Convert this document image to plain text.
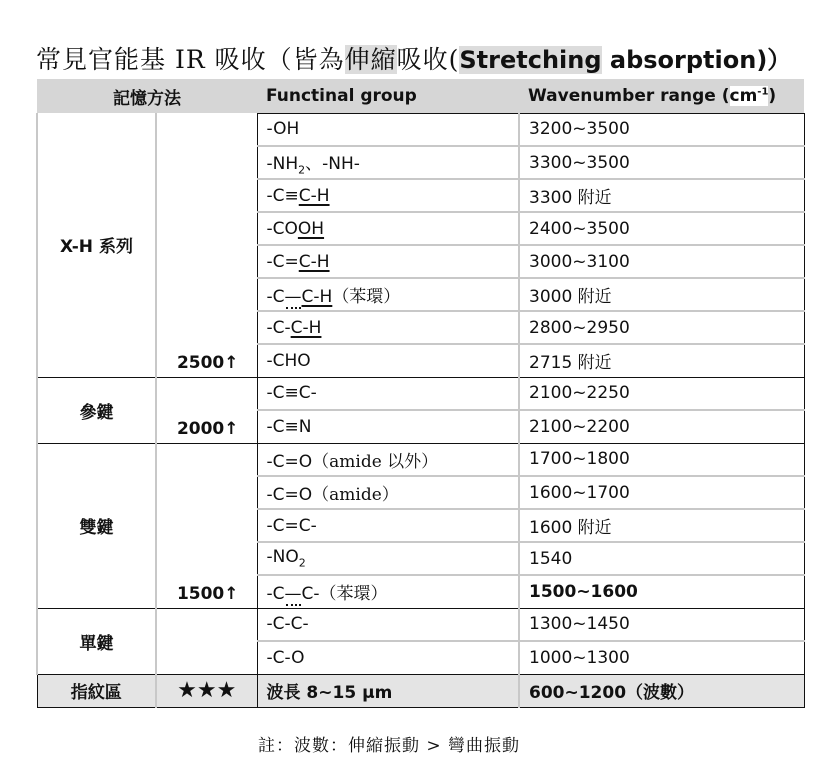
常見官能基 IR 吸收（皆為伸縮吸收(Stretching absorption)）
記憶方法		Functinal group	Wavenumber range $(cm^{-1})$
X-H 系列	2500↑	-OH	3200~3500
		$-NH_2$、-NH-	3300~3500
		-C≡C-H	3300 附近
		-COOH	2400~3500
		-C=C-H	3000~3100
		-C—C-H（苯環）	3000 附近
		-C-C-H	2800~2950
		-CHO	2715 附近
參鍵	2000↑	-C≡C-	2100~2250
		-C≡N	2100~2200
雙鍵	1500↑	-C=O（amide 以外）	1700~1800
		-C=O（amide）	1600~1700
		-C=C-	1600 附近
		$-NO_2$	1540
		-C—C-（苯環）	1500~1600
單鍵		-C-C-	1300~1450
		-C-O	1000~1300
指紋區	★★★	波長 8~15 μm	600~1200（波數）
註：波數：伸縮振動 > 彎曲振動
